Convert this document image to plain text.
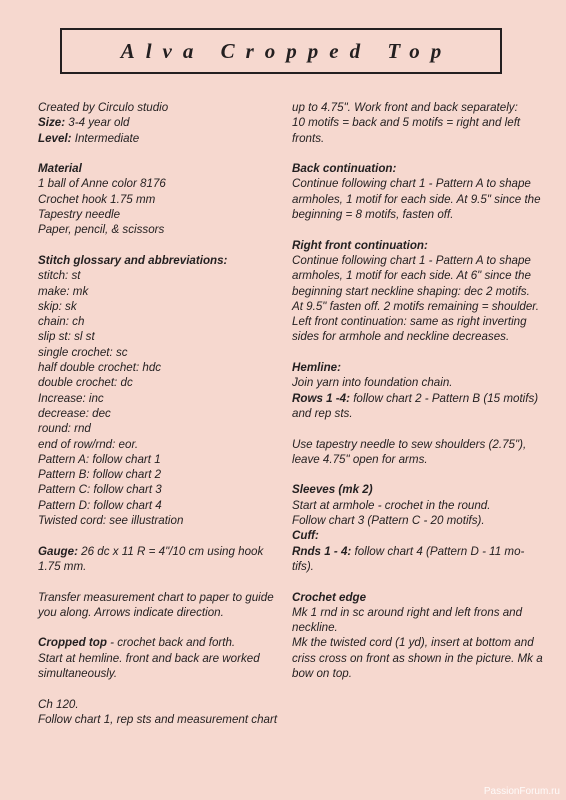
Alva Cropped Top
Created by Circulo studio
Size: 3-4 year old
Level: Intermediate
Material
1 ball of Anne color 8176
Crochet hook 1.75 mm
Tapestry needle
Paper, pencil, & scissors
Stitch glossary and abbreviations:
stitch: st
make: mk
skip: sk
chain: ch
slip st: sl st
single crochet: sc
half double crochet: hdc
double crochet: dc
Increase: inc
decrease: dec
round: rnd
end of row/rnd: eor.
Pattern A: follow chart 1
Pattern B: follow chart 2
Pattern C: follow chart 3
Pattern D: follow chart 4
Twisted cord: see illustration
Gauge: 26 dc x 11 R = 4"/10 cm using hook
1.75 mm.
Transfer measurement chart to paper to guide
you along. Arrows indicate direction.
Cropped top - crochet back and forth.
Start at hemline. front and back are worked
simultaneously.
Ch 120.
Follow chart 1, rep sts and measurement chart
up to 4.75". Work front and back separately:
10 motifs = back and 5 motifs = right and left
fronts.
Back continuation:
Continue following chart 1 - Pattern A to shape
armholes, 1 motif for each side. At 9.5" since the
beginning = 8 motifs, fasten off.
Right front continuation:
Continue following chart 1 - Pattern A to shape
armholes, 1 motif for each side. At 6" since the
beginning start neckline shaping: dec 2 motifs.
At 9.5" fasten off. 2 motifs remaining = shoulder.
Left front continuation: same as right inverting
sides for armhole and neckline decreases.
Hemline:
Join yarn into foundation chain.
Rows 1 -4: follow chart 2 - Pattern B (15 motifs)
and rep sts.
Use tapestry needle to sew shoulders (2.75"),
leave 4.75" open for arms.
Sleeves (mk 2)
Start at armhole - crochet in the round.
Follow chart 3 (Pattern C - 20 motifs).
Cuff:
Rnds 1 - 4: follow chart 4 (Pattern D - 11 mo-
tifs).
Crochet edge
Mk 1 rnd in sc around right and left frons and
neckline.
Mk the twisted cord (1 yd), insert at bottom and
criss cross on front as shown in the picture. Mk a
bow on top.
PassionForum.ru
